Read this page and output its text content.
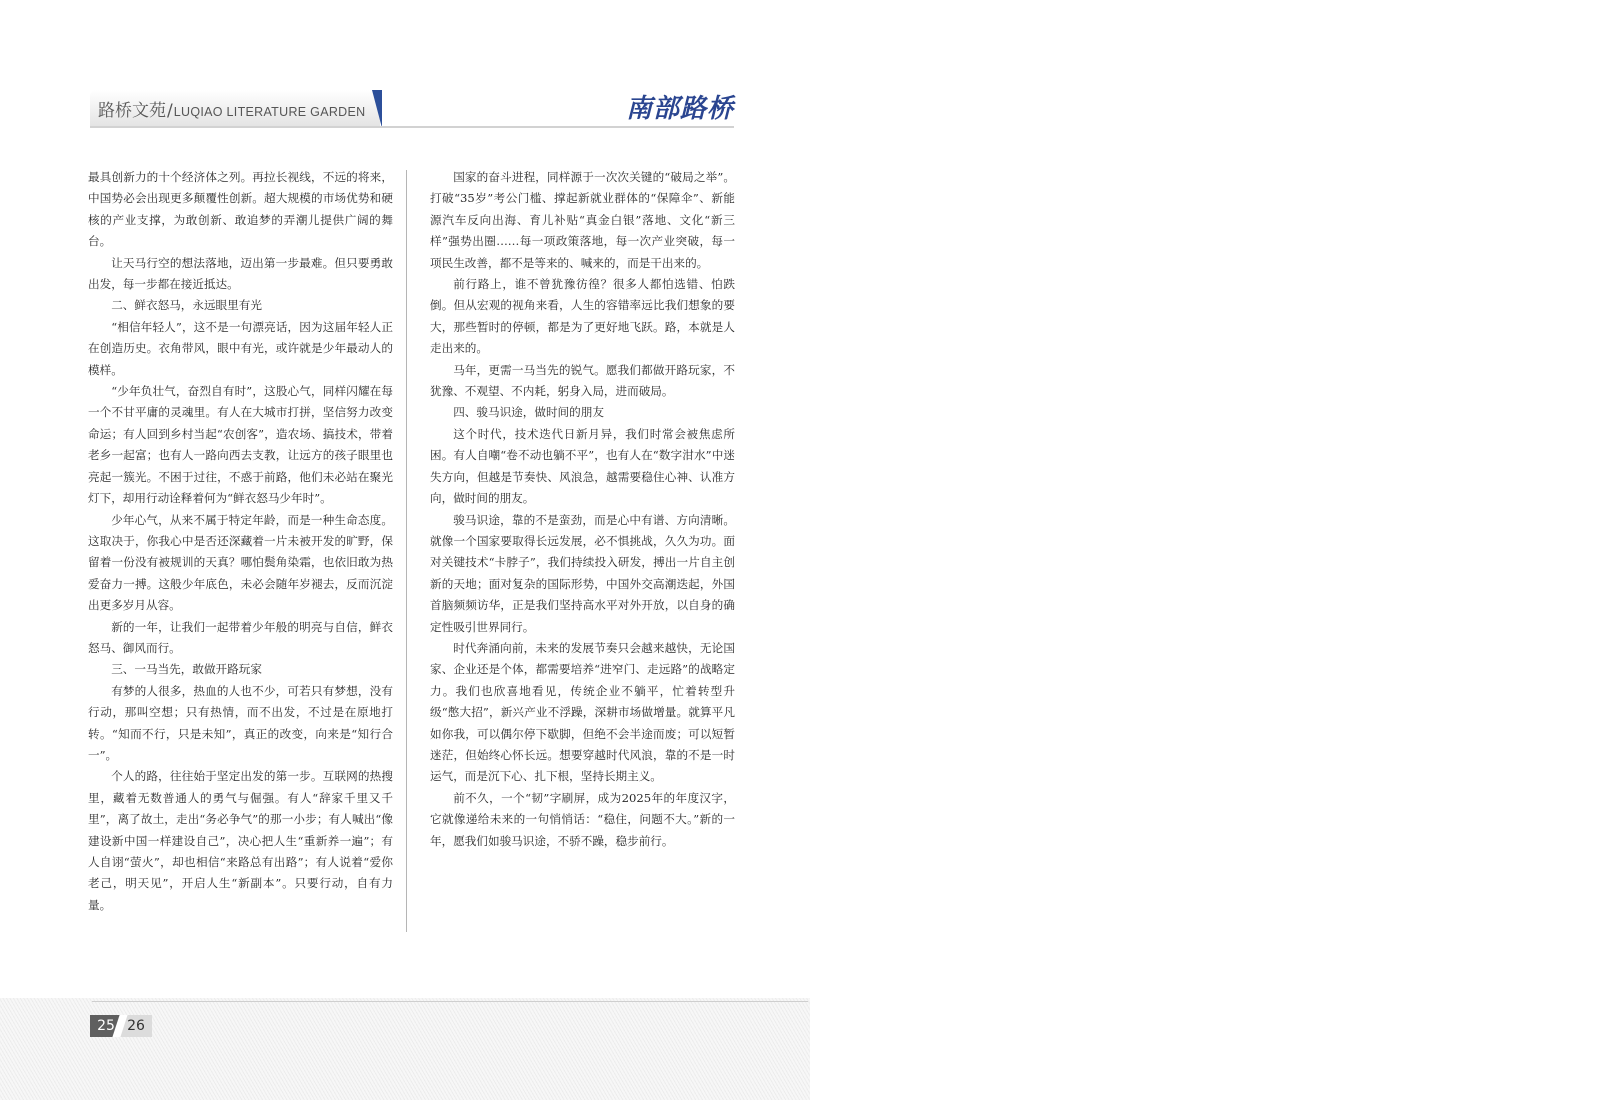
路桥文苑/LUQIAO LITERATURE GARDEN	南部路桥

最具创新力的十个经济体之列。再拉长视线，不远的将来，中国势必会出现更多颠覆性创新。超大规模的市场优势和硬核的产业支撑，为敢创新、敢追梦的弄潮儿提供广阔的舞台。

让天马行空的想法落地，迈出第一步最难。但只要勇敢出发，每一步都在接近抵达。

二、鲜衣怒马，永远眼里有光

“相信年轻人”，这不是一句漂亮话，因为这届年轻人正在创造历史。衣角带风，眼中有光，或许就是少年最动人的模样。

“少年负壮气，奋烈自有时”，这股心气，同样闪耀在每一个不甘平庸的灵魂里。有人在大城市打拼，坚信努力改变命运；有人回到乡村当起“农创客”，造农场、搞技术，带着老乡一起富；也有人一路向西去支教，让远方的孩子眼里也亮起一簇光。不困于过往，不惑于前路，他们未必站在聚光灯下，却用行动诠释着何为“鲜衣怒马少年时”。

少年心气，从来不属于特定年龄，而是一种生命态度。这取决于，你我心中是否还深藏着一片未被开发的旷野，保留着一份没有被规训的天真？哪怕鬓角染霜，也依旧敢为热爱奋力一搏。这般少年底色，未必会随年岁褪去，反而沉淀出更多岁月从容。

新的一年，让我们一起带着少年般的明亮与自信，鲜衣怒马、御风而行。

三、一马当先，敢做开路玩家

有梦的人很多，热血的人也不少，可若只有梦想，没有行动，那叫空想；只有热情，而不出发，不过是在原地打转。“知而不行，只是未知”，真正的改变，向来是“知行合一”。

个人的路，往往始于坚定出发的第一步。互联网的热搜里，藏着无数普通人的勇气与倔强。有人“辞家千里又千里”，离了故土，走出“务必争气”的那一小步；有人喊出“像建设新中国一样建设自己”，决心把人生“重新养一遍”；有人自诩“萤火”，却也相信“来路总有出路”；有人说着“爱你老己，明天见”，开启人生“新副本”。只要行动，自有力量。

国家的奋斗进程，同样源于一次次关键的“破局之举”。打破“35岁”考公门槛、撑起新就业群体的“保障伞”、新能源汽车反向出海、育儿补贴“真金白银”落地、文化“新三样”强势出圈……每一项政策落地，每一次产业突破，每一项民生改善，都不是等来的、喊来的，而是干出来的。

前行路上，谁不曾犹豫彷徨？很多人都怕选错、怕跌倒。但从宏观的视角来看，人生的容错率远比我们想象的要大，那些暂时的停顿，都是为了更好地飞跃。路，本就是人走出来的。

马年，更需一马当先的锐气。愿我们都做开路玩家，不犹豫、不观望、不内耗，躬身入局，进而破局。

四、骏马识途，做时间的朋友

这个时代，技术迭代日新月异，我们时常会被焦虑所困。有人自嘲“卷不动也躺不平”，也有人在“数字泔水”中迷失方向，但越是节奏快、风浪急，越需要稳住心神、认准方向，做时间的朋友。

骏马识途，靠的不是蛮劲，而是心中有谱、方向清晰。就像一个国家要取得长远发展，必不惧挑战，久久为功。面对关键技术“卡脖子”，我们持续投入研发，搏出一片自主创新的天地；面对复杂的国际形势，中国外交高潮迭起，外国首脑频频访华，正是我们坚持高水平对外开放，以自身的确定性吸引世界同行。

时代奔涌向前，未来的发展节奏只会越来越快，无论国家、企业还是个体，都需要培养“进窄门、走远路”的战略定力。我们也欣喜地看见，传统企业不躺平，忙着转型升级“憋大招”，新兴产业不浮躁，深耕市场做增量。就算平凡如你我，可以偶尔停下歇脚，但绝不会半途而废；可以短暂迷茫，但始终心怀长远。想要穿越时代风浪，靠的不是一时运气，而是沉下心、扎下根，坚持长期主义。

前不久，一个“韧”字刷屏，成为2025年的年度汉字，它就像递给未来的一句悄悄话：“稳住，问题不大。”新的一年，愿我们如骏马识途，不骄不躁，稳步前行。

25 26
